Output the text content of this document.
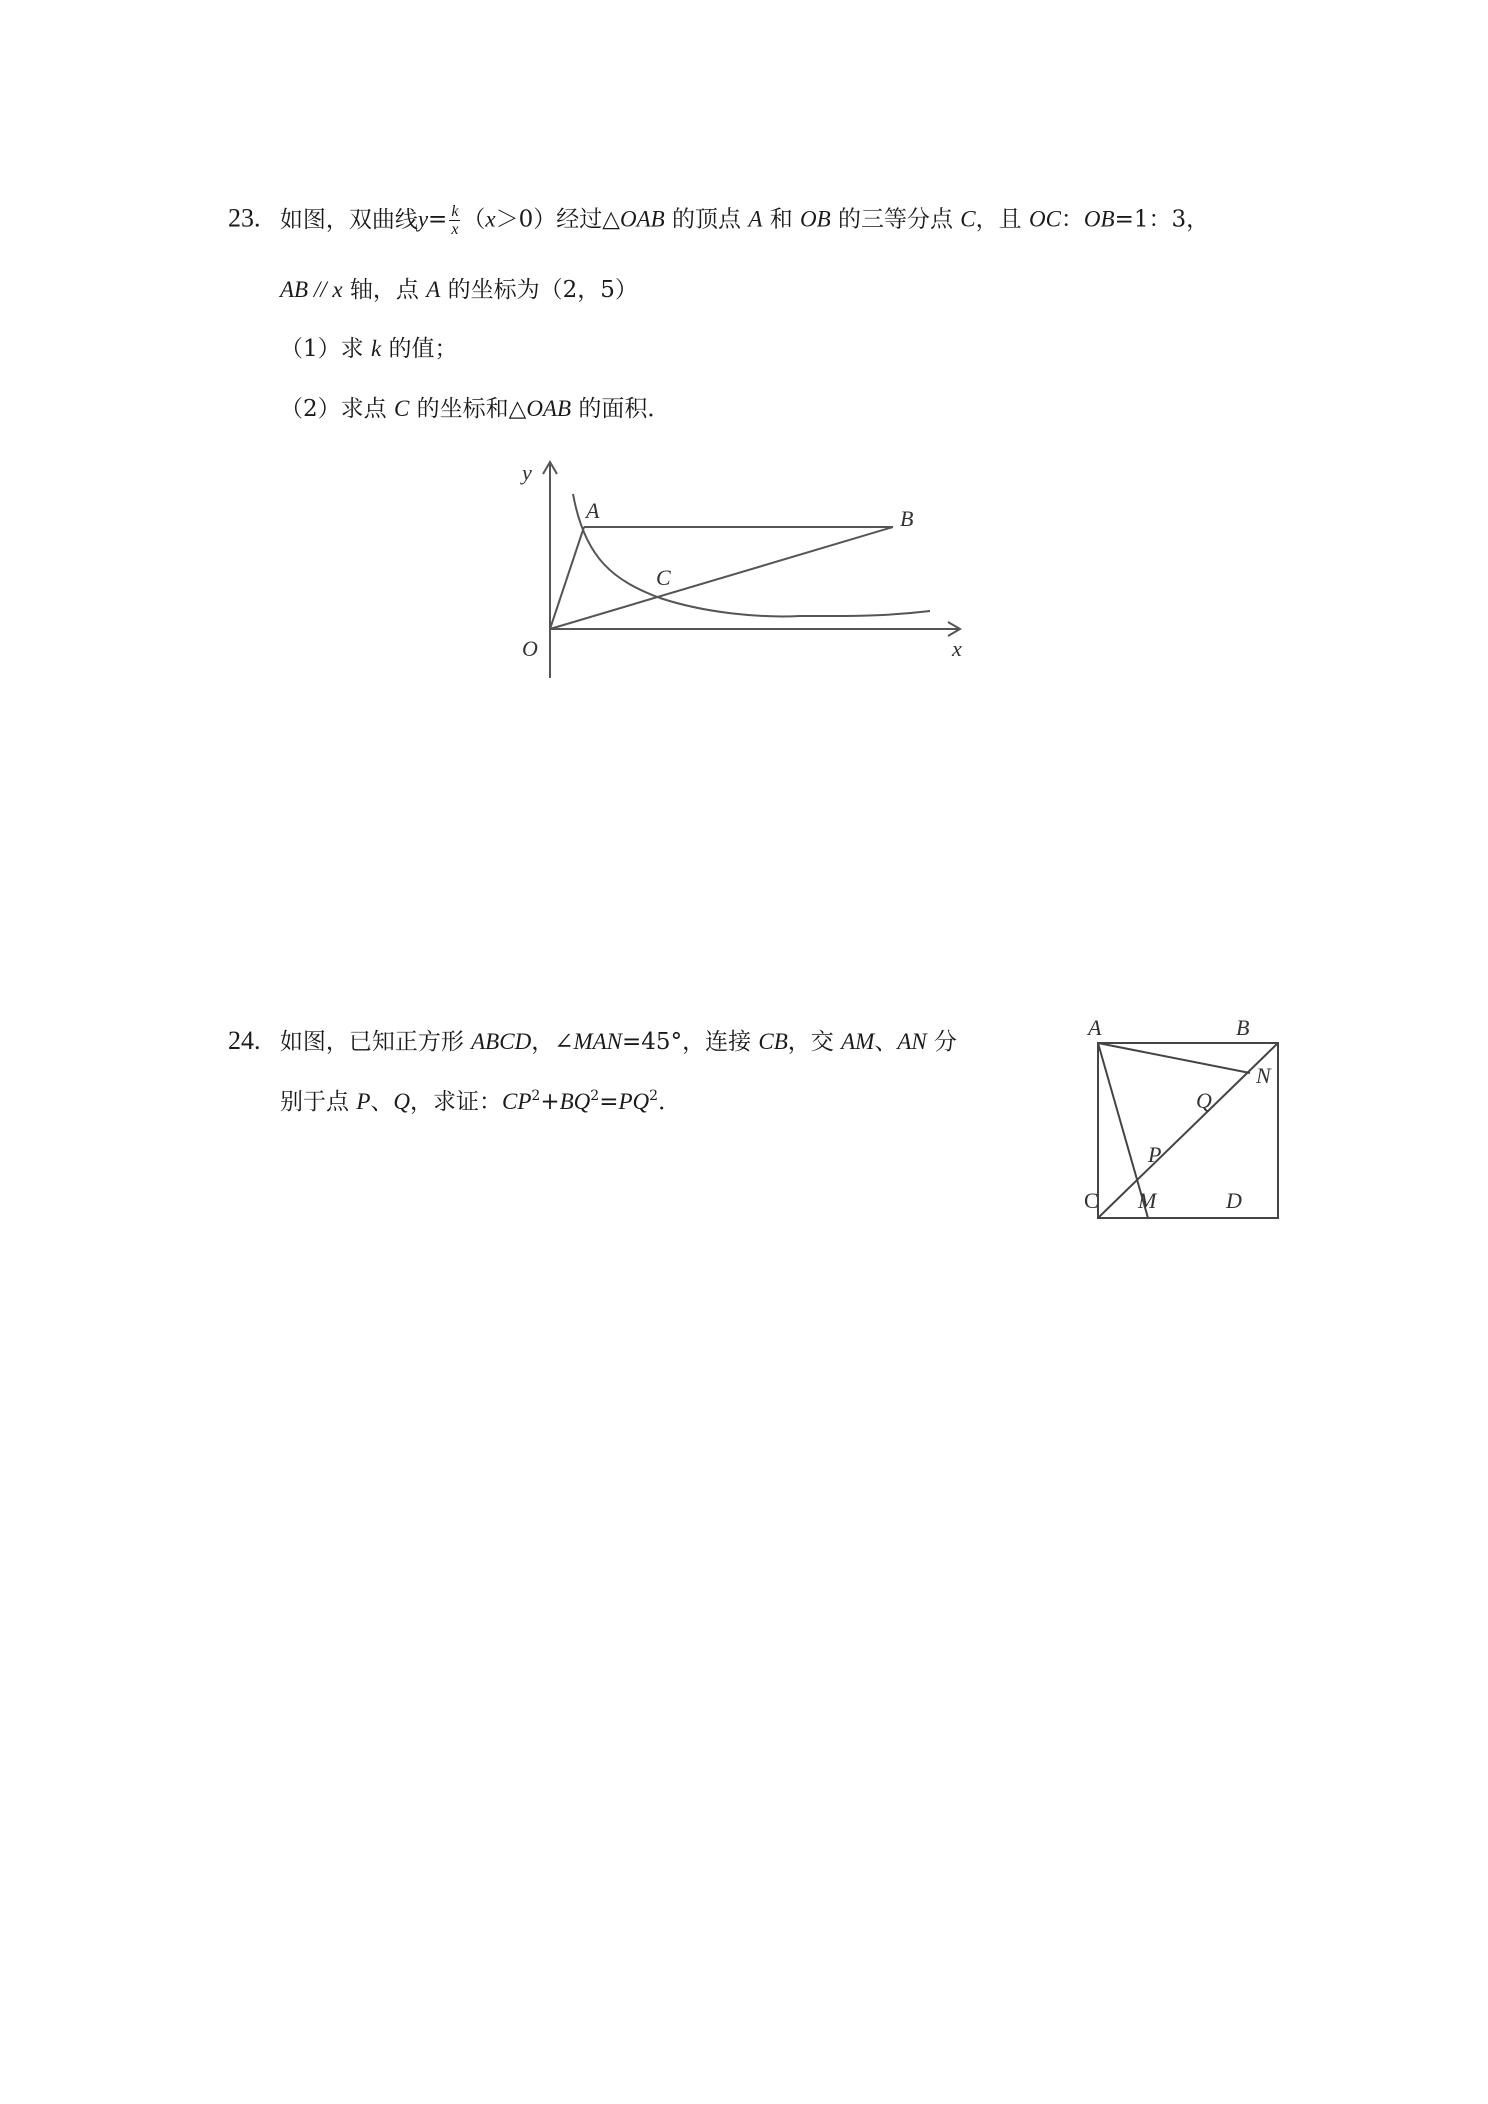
23. 如图，双曲线$y= \frac{k}{x} (x>0)$经过△OAB 的顶点 A 和 OB 的三等分点 C，且 OC：OB=1：3，
AB // x 轴，点 A 的坐标为（2，5）
（1）求 k 的值；
（2）求点 C 的坐标和△OAB 的面积．
y
x
O
A	B
C
24. 如图，已知正方形 ABCD，∠MAN=45°，连接 CB，交 AM、AN 分
别于点 P、Q，求证：$CP^2+BQ^2=PQ^2$．
A	B
N
Q
P
C M	D
